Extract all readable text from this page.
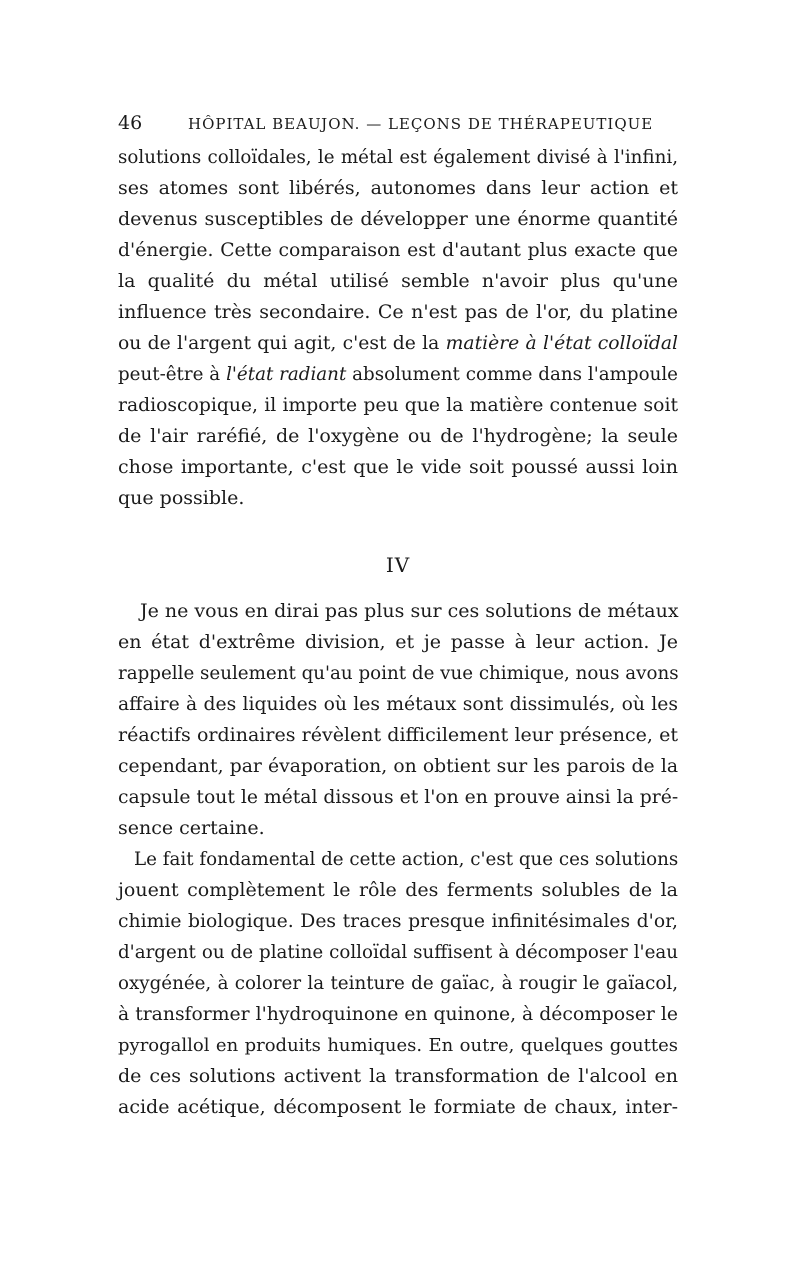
46	HÔPITAL BEAUJON. — LEÇONS DE THÉRAPEUTIQUE
solutions colloïdales, le métal est également divisé à l'infini,
ses atomes sont libérés, autonomes dans leur action et
devenus susceptibles de développer une énorme quantité
d'énergie. Cette comparaison est d'autant plus exacte que
la qualité du métal utilisé semble n'avoir plus qu'une
influence très secondaire. Ce n'est pas de l'or, du platine
ou de l'argent qui agit, c'est de la matière à l'état colloïdal
peut-être à l'état radiant absolument comme dans l'ampoule
radioscopique, il importe peu que la matière contenue soit
de l'air raréfié, de l'oxygène ou de l'hydrogène; la seule
chose importante, c'est que le vide soit poussé aussi loin
que possible.
IV
Je ne vous en dirai pas plus sur ces solutions de métaux
en état d'extrême division, et je passe à leur action. Je
rappelle seulement qu'au point de vue chimique, nous avons
affaire à des liquides où les métaux sont dissimulés, où les
réactifs ordinaires révèlent difficilement leur présence, et
cependant, par évaporation, on obtient sur les parois de la
capsule tout le métal dissous et l'on en prouve ainsi la pré-
sence certaine.
Le fait fondamental de cette action, c'est que ces solutions
jouent complètement le rôle des ferments solubles de la
chimie biologique. Des traces presque infinitésimales d'or,
d'argent ou de platine colloïdal suffisent à décomposer l'eau
oxygénée, à colorer la teinture de gaïac, à rougir le gaïacol,
à transformer l'hydroquinone en quinone, à décomposer le
pyrogallol en produits humiques. En outre, quelques gouttes
de ces solutions activent la transformation de l'alcool en
acide acétique, décomposent le formiate de chaux, inter-
